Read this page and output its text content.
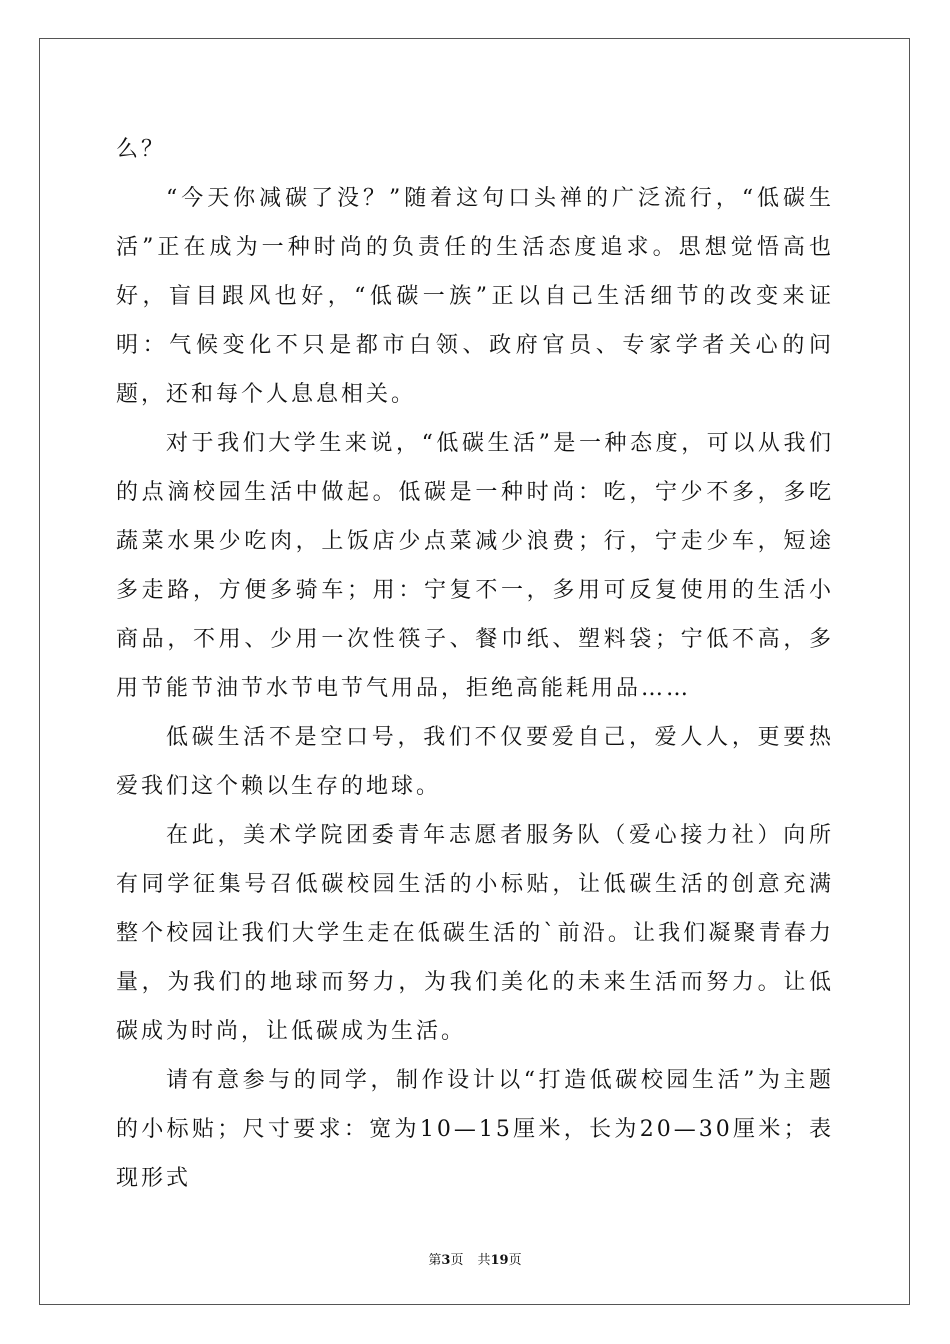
么？

“今天你减碳了没？”随着这句口头禅的广泛流行，“低碳生活”正在成为一种时尚的负责任的生活态度追求。思想觉悟高也好，盲目跟风也好，“低碳一族”正以自己生活细节的改变来证明：气候变化不只是都市白领、政府官员、专家学者关心的问题，还和每个人息息相关。

对于我们大学生来说，“低碳生活”是一种态度，可以从我们的点滴校园生活中做起。低碳是一种时尚：吃，宁少不多，多吃蔬菜水果少吃肉，上饭店少点菜减少浪费；行，宁走少车，短途多走路，方便多骑车；用：宁复不一，多用可反复使用的生活小商品，不用、少用一次性筷子、餐巾纸、塑料袋；宁低不高，多用节能节油节水节电节气用品，拒绝高能耗用品……

低碳生活不是空口号，我们不仅要爱自己，爱人人，更要热爱我们这个赖以生存的地球。

在此，美术学院团委青年志愿者服务队（爱心接力社）向所有同学征集号召低碳校园生活的小标贴，让低碳生活的创意充满整个校园让我们大学生走在低碳生活的`前沿。让我们凝聚青春力量，为我们的地球而努力，为我们美化的未来生活而努力。让低碳成为时尚，让低碳成为生活。

请有意参与的同学，制作设计以“打造低碳校园生活”为主题的小标贴；尺寸要求：宽为10—15厘米，长为20—30厘米；表现形式

第3页 共19页
